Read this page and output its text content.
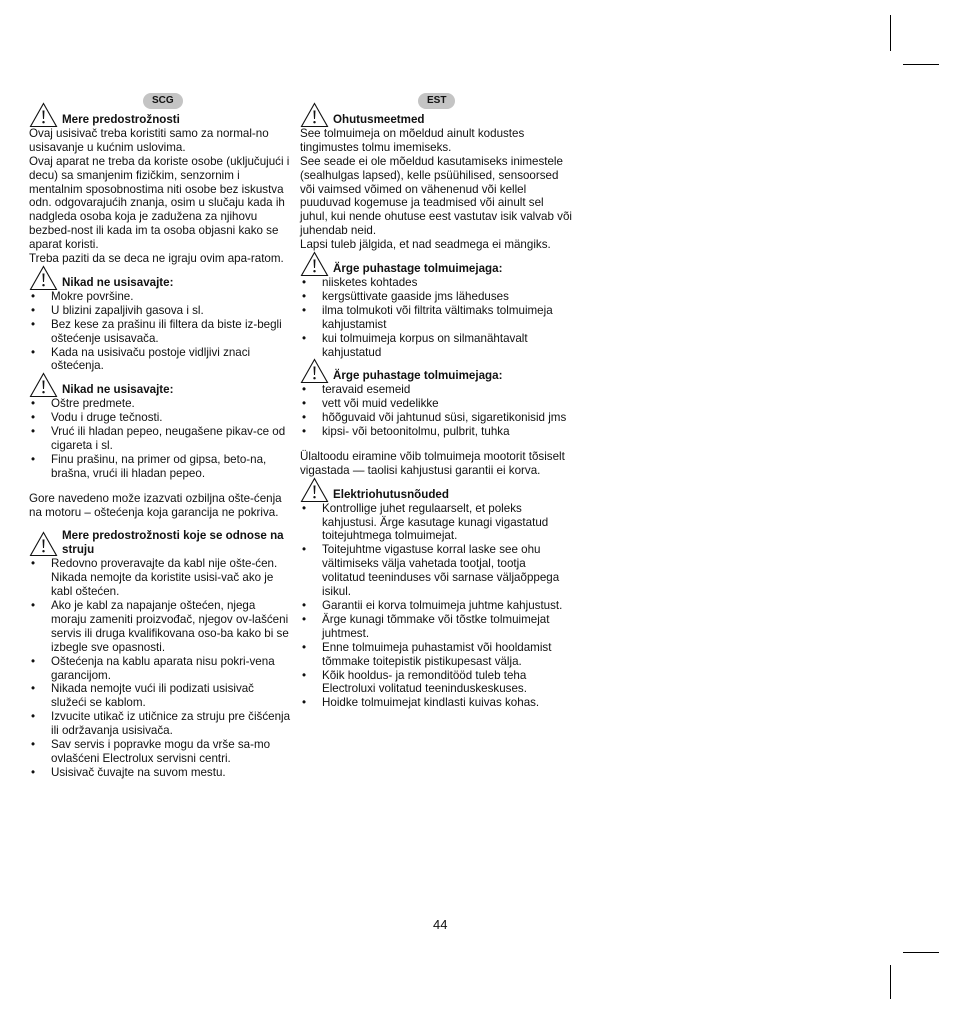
SCG
Mere predostrožnosti

Ovaj usisivač treba koristiti samo za normal-no usisavanje u kućnim uslovima.

Ovaj aparat ne treba da koriste osobe (uključujući i decu) sa smanjenim fizičkim, senzornim i mentalnim sposobnostima niti osobe bez iskustva odn. odgovarajućih znanja, osim u slučaju kada ih nadgleda osoba koja je zadužena za njihovu bezbed-nost ili kada im ta osoba objasni kako se aparat koristi.

Treba paziti da se deca ne igraju ovim apa-ratom.

Nikad ne usisavajte:
• Mokre površine.
• U blizini zapaljivih gasova i sl.
• Bez kese za prašinu ili filtera da biste iz-begli oštećenje usisavača.
• Kada na usisivaču postoje vidljivi znaci oštećenja.
Nikad ne usisavajte:
• Oštre predmete.
• Vodu i druge tečnosti.
• Vruć ili hladan pepeo, neugašene pikav-ce od cigareta i sl.
• Finu prašinu, na primer od gipsa, beto-na, brašna, vrući ili hladan pepeo.

Gore navedeno može izazvati ozbiljna ošte-ćenja na motoru – oštećenja koja garancija ne pokriva.

Mere predostrožnosti koje se odnose na struju
• Redovno proveravajte da kabl nije ošte-ćen. Nikada nemojte da koristite usisi-vač ako je kabl oštećen.
• Ako je kabl za napajanje oštećen, njega moraju zameniti proizvođač, njegov ov-lašćeni servis ili druga kvalifikovana oso-ba kako bi se izbegle sve opasnosti.
• Oštećenja na kablu aparata nisu pokri-vena garancijom.
• Nikada nemojte vući ili podizati usisivač služeći se kablom.
• Izvucite utikač iz utičnice za struju pre čišćenja ili održavanja usisivača.
• Sav servis i popravke mogu da vrše sa-mo ovlašćeni Electrolux servisni centri.
• Usisivač čuvajte na suvom mestu.
EST
Ohutusmeetmed

See tolmuimeja on mõeldud ainult kodustes tingimustes tolmu imemiseks.

See seade ei ole mõeldud kasutamiseks inimestele (sealhulgas lapsed), kelle psüühilised, sensoorsed või vaimsed võimed on vähenenud või kellel puuduvad kogemuse ja teadmised või ainult sel juhul, kui nende ohutuse eest vastutav isik valvab või juhendab neid.

Lapsi tuleb jälgida, et nad seadmega ei mängiks.

Ärge puhastage tolmuimejaga:
• niisketes kohtades
• kergsüttivate gaaside jms läheduses
• ilma tolmukoti või filtrita vältimaks tolmuimeja kahjustamist
• kui tolmuimeja korpus on silmanähtavalt kahjustatud
Ärge puhastage tolmuimejaga:
• teravaid esemeid
• vett või muid vedelikke
• hõõguvaid või jahtunud süsi, sigaretikonisid jms
• kipsi- või betoonitolmu, pulbrit, tuhka

Ülaltoodu eiramine võib tolmuimeja mootorit tõsiselt vigastada — taolisi kahjustusi garantii ei korva.

Elektriohutusnõuded
• Kontrollige juhet regulaarselt, et poleks kahjustusi. Ärge kasutage kunagi vigastatud toitejuhtmega tolmuimejat.
• Toitejuhtme vigastuse korral laske see ohu vältimiseks välja vahetada tootjal, tootja volitatud teeninduses või sarnase väljaõppega isikul.
• Garantii ei korva tolmuimeja juhtme kahjustust.
• Ärge kunagi tõmmake või tõstke tolmuimejat juhtmest.
• Enne tolmuimeja puhastamist või hooldamist tõmmake toitepistik pistikupesast välja.
• Kõik hooldus- ja remonditööd tuleb teha Electroluxi volitatud teeninduskeskuses.
• Hoidke tolmuimejat kindlasti kuivas kohas.
44
